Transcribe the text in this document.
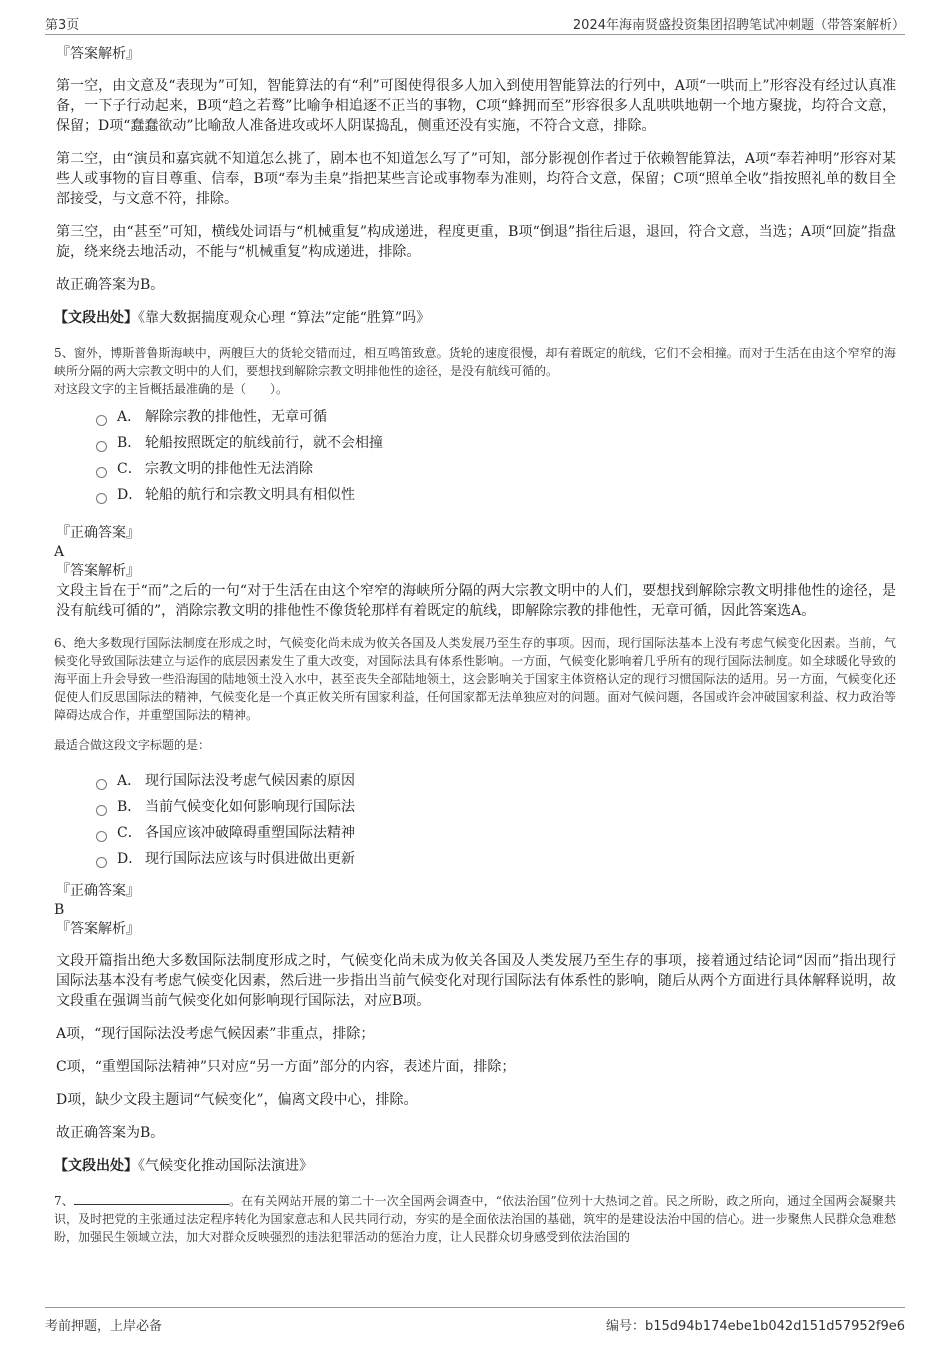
第3页	2024年海南贤盛投资集团招聘笔试冲刺题（带答案解析）

『答案解析』

第一空，由文意及“表现为”可知，智能算法的有“利”可图使得很多人加入到使用智能算法的行列中，A项“一哄而上”形容没有经过认真准备，一下子行动起来，B项“趋之若鹜”比喻争相追逐不正当的事物，C项“蜂拥而至”形容很多人乱哄哄地朝一个地方聚拢，均符合文意，保留；D项“蠢蠢欲动”比喻敌人准备进攻或坏人阴谋捣乱，侧重还没有实施，不符合文意，排除。

第二空，由“演员和嘉宾就不知道怎么挑了，剧本也不知道怎么写了”可知，部分影视创作者过于依赖智能算法，A项“奉若神明”形容对某些人或事物的盲目尊重、信奉，B项“奉为圭臬”指把某些言论或事物奉为准则，均符合文意，保留；C项“照单全收”指按照礼单的数目全部接受，与文意不符，排除。

第三空，由“甚至”可知，横线处词语与“机械重复”构成递进，程度更重，B项“倒退”指往后退，退回，符合文意，当选；A项“回旋”指盘旋，绕来绕去地活动，不能与“机械重复”构成递进，排除。

故正确答案为B。

【文段出处】《靠大数据揣度观众心理 “算法”定能“胜算”吗》

5、窗外，博斯普鲁斯海峡中，两艘巨大的货轮交错而过，相互鸣笛致意。货轮的速度很慢，却有着既定的航线，它们不会相撞。而对于生活在由这个窄窄的海峡所分隔的两大宗教文明中的人们，要想找到解除宗教文明排他性的途径，是没有航线可循的。

对这段文字的主旨概括最准确的是（　　）。

A． 解除宗教的排他性，无章可循
B． 轮船按照既定的航线前行，就不会相撞
C． 宗教文明的排他性无法消除
D． 轮船的航行和宗教文明具有相似性

『正确答案』

A

『答案解析』

文段主旨在于“而”之后的一句“对于生活在由这个窄窄的海峡所分隔的两大宗教文明中的人们，要想找到解除宗教文明排他性的途径，是没有航线可循的”，消除宗教文明的排他性不像货轮那样有着既定的航线，即解除宗教的排他性，无章可循，因此答案选A。

6、绝大多数现行国际法制度在形成之时，气候变化尚未成为攸关各国及人类发展乃至生存的事项。因而，现行国际法基本上没有考虑气候变化因素。当前，气候变化导致国际法建立与运作的底层因素发生了重大改变，对国际法具有体系性影响。一方面，气候变化影响着几乎所有的现行国际法制度。如全球暖化导致的海平面上升会导致一些沿海国的陆地领土没入水中，甚至丧失全部陆地领土，这会影响关于国家主体资格认定的现行习惯国际法的适用。另一方面，气候变化还促使人们反思国际法的精神，气候变化是一个真正攸关所有国家利益，任何国家都无法单独应对的问题。面对气候问题，各国或许会冲破国家利益、权力政治等障碍达成合作，并重塑国际法的精神。

最适合做这段文字标题的是：

A． 现行国际法没考虑气候因素的原因
B． 当前气候变化如何影响现行国际法
C． 各国应该冲破障碍重塑国际法精神
D． 现行国际法应该与时俱进做出更新

『正确答案』

B

『答案解析』

文段开篇指出绝大多数国际法制度形成之时，气候变化尚未成为攸关各国及人类发展乃至生存的事项，接着通过结论词“因而”指出现行国际法基本没有考虑气候变化因素，然后进一步指出当前气候变化对现行国际法有体系性的影响，随后从两个方面进行具体解释说明，故文段重在强调当前气候变化如何影响现行国际法，对应B项。

A项，“现行国际法没考虑气候因素”非重点，排除；

C项，“重塑国际法精神”只对应“另一方面”部分的内容，表述片面，排除；

D项，缺少文段主题词“气候变化”，偏离文段中心，排除。

故正确答案为B。

【文段出处】《气候变化推动国际法演进》

7、	。在有关网站开展的第二十一次全国两会调查中，“依法治国”位列十大热词之首。民之所盼，政之所向，通过全国两会凝聚共识，及时把党的主张通过法定程序转化为国家意志和人民共同行动，夯实的是全面依法治国的基础，筑牢的是建设法治中国的信心。进一步聚焦人民群众急难愁盼，加强民生领域立法，加大对群众反映强烈的违法犯罪活动的惩治力度，让人民群众切身感受到依法治国的

考前押题，上岸必备	编号：b15d94b174ebe1b042d151d57952f9e6
